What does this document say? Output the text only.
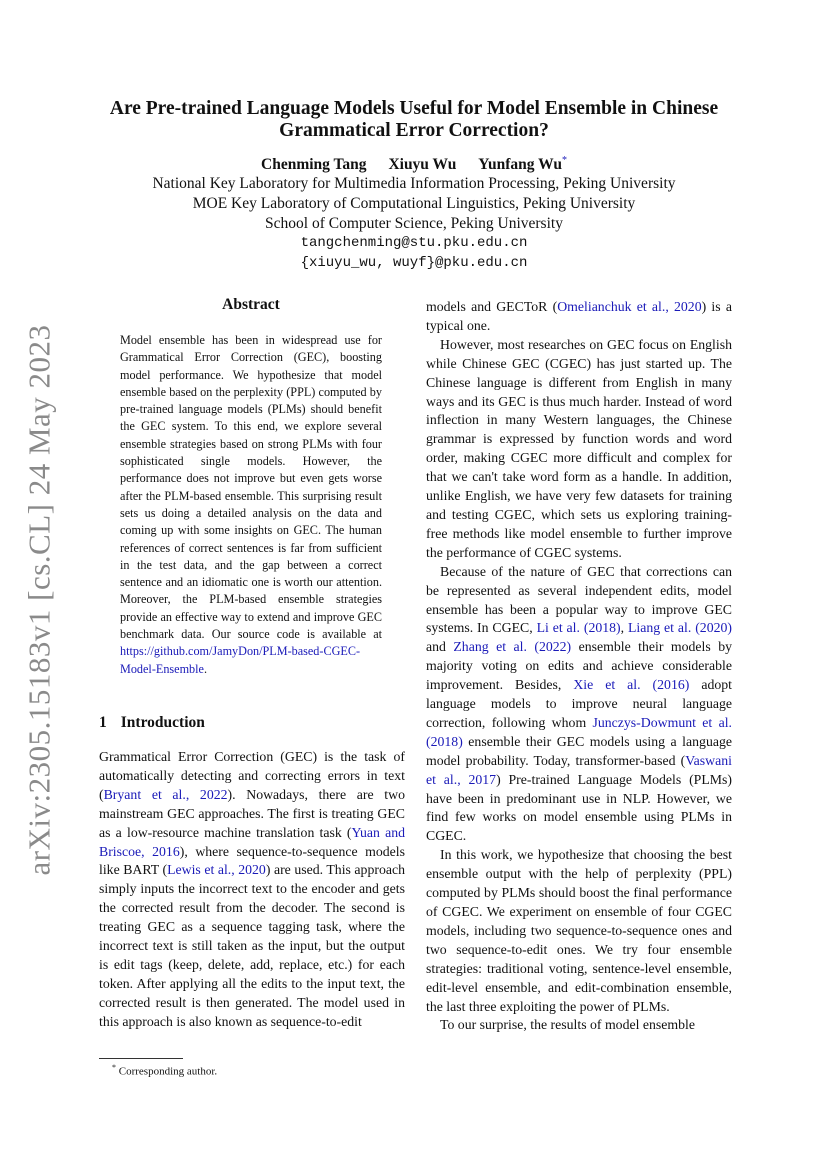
arXiv:2305.15183v1 [cs.CL] 24 May 2023
Are Pre-trained Language Models Useful for Model Ensemble in Chinese Grammatical Error Correction?
Chenming Tang Xiuyu Wu Yunfang Wu*
National Key Laboratory for Multimedia Information Processing, Peking University
MOE Key Laboratory of Computational Linguistics, Peking University
School of Computer Science, Peking University
tangchenming@stu.pku.edu.cn
{xiuyu_wu, wuyf}@pku.edu.cn
Abstract
Model ensemble has been in widespread use for Grammatical Error Correction (GEC), boosting model performance. We hypothesize that model ensemble based on the perplexity (PPL) computed by pre-trained language models (PLMs) should benefit the GEC system. To this end, we explore several ensemble strategies based on strong PLMs with four sophisticated single models. However, the performance does not improve but even gets worse after the PLM-based ensemble. This surprising result sets us doing a detailed analysis on the data and coming up with some insights on GEC. The human references of correct sentences is far from sufficient in the test data, and the gap between a correct sentence and an idiomatic one is worth our attention. Moreover, the PLM-based ensemble strategies provide an effective way to extend and improve GEC benchmark data. Our source code is available at https://github.com/JamyDon/PLM-based-CGEC-Model-Ensemble.
1 Introduction

Grammatical Error Correction (GEC) is the task of automatically detecting and correcting errors in text (Bryant et al., 2022). Nowadays, there are two mainstream GEC approaches. The first is treating GEC as a low-resource machine translation task (Yuan and Briscoe, 2016), where sequence-to-sequence models like BART (Lewis et al., 2020) are used. This approach simply inputs the incorrect text to the encoder and gets the corrected result from the decoder. The second is treating GEC as a sequence tagging task, where the incorrect text is still taken as the input, but the output is edit tags (keep, delete, add, replace, etc.) for each token. After applying all the edits to the input text, the corrected result is then generated. The model used in this approach is also known as sequence-to-edit

* Corresponding author.

models and GECToR (Omelianchuk et al., 2020) is a typical one.

However, most researches on GEC focus on English while Chinese GEC (CGEC) has just started up. The Chinese language is different from English in many ways and its GEC is thus much harder. Instead of word inflection in many Western languages, the Chinese grammar is expressed by function words and word order, making CGEC more difficult and complex for that we can't take word form as a handle. In addition, unlike English, we have very few datasets for training and testing CGEC, which sets us exploring training-free methods like model ensemble to further improve the performance of CGEC systems.

Because of the nature of GEC that corrections can be represented as several independent edits, model ensemble has been a popular way to improve GEC systems. In CGEC, Li et al. (2018), Liang et al. (2020) and Zhang et al. (2022) ensemble their models by majority voting on edits and achieve considerable improvement. Besides, Xie et al. (2016) adopt language models to improve neural language correction, following whom Junczys-Dowmunt et al. (2018) ensemble their GEC models using a language model probability. Today, transformer-based (Vaswani et al., 2017) Pre-trained Language Models (PLMs) have been in predominant use in NLP. However, we find few works on model ensemble using PLMs in CGEC.

In this work, we hypothesize that choosing the best ensemble output with the help of perplexity (PPL) computed by PLMs should boost the final performance of CGEC. We experiment on ensemble of four CGEC models, including two sequence-to-sequence ones and two sequence-to-edit ones. We try four ensemble strategies: traditional voting, sentence-level ensemble, edit-level ensemble, and edit-combination ensemble, the last three exploiting the power of PLMs.

To our surprise, the results of model ensemble
